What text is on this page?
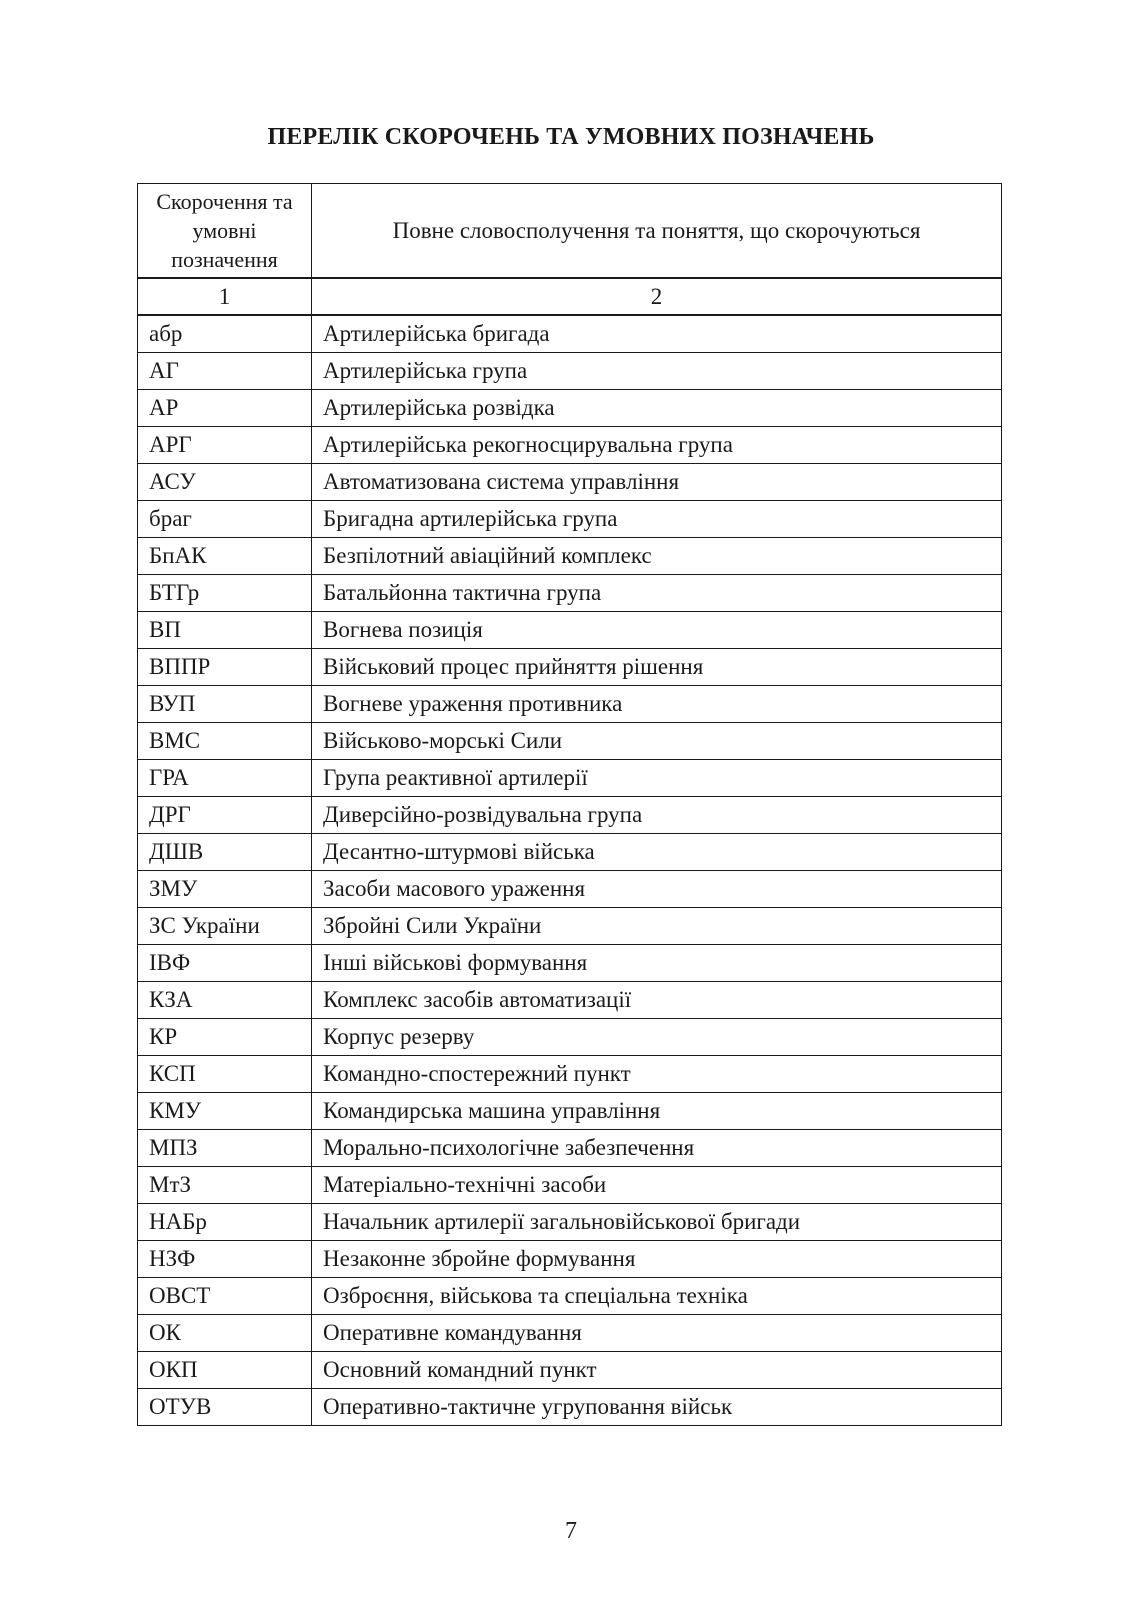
ПЕРЕЛІК СКОРОЧЕНЬ ТА УМОВНИХ ПОЗНАЧЕНЬ
Скорочення та умовні позначення	Повне словосполучення та поняття, що скорочуються
1	2
абр	Артилерійська бригада
АГ	Артилерійська група
АР	Артилерійська розвідка
АРГ	Артилерійська рекогносцирувальна група
АСУ	Автоматизована система управління
браг	Бригадна артилерійська група
БпАК	Безпілотний авіаційний комплекс
БТГр	Батальйонна тактична група
ВП	Вогнева позиція
ВППР	Військовий процес прийняття рішення
ВУП	Вогневе ураження противника
ВМС	Військово-морські Сили
ГРА	Група реактивної артилерії
ДРГ	Диверсійно-розвідувальна група
ДШВ	Десантно-штурмові війська
ЗМУ	Засоби масового ураження
ЗС України	Збройні Сили України
ІВФ	Інші військові формування
КЗА	Комплекс засобів автоматизації
КР	Корпус резерву
КСП	Командно-спостережний пункт
КМУ	Командирська машина управління
МПЗ	Морально-психологічне забезпечення
МтЗ	Матеріально-технічні засоби
НАБр	Начальник артилерії загальновійськової бригади
НЗФ	Незаконне збройне формування
ОВСТ	Озброєння, військова та спеціальна техніка
ОК	Оперативне командування
ОКП	Основний командний пункт
ОТУВ	Оперативно-тактичне угруповання військ
7
